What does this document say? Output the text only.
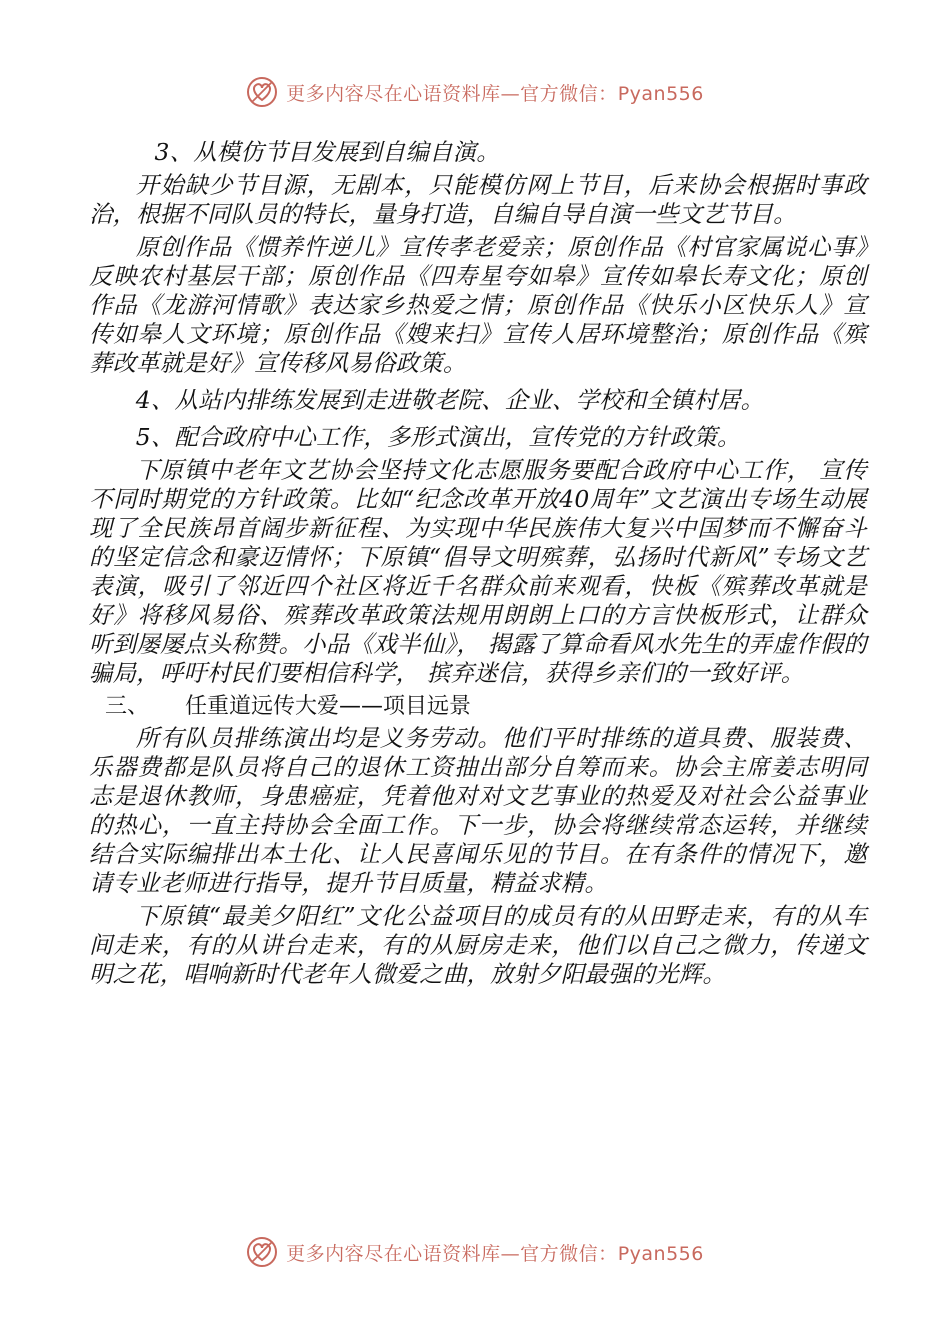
更多内容尽在心语资料库—官方微信：Pyan556

3、从模仿节目发展到自编自演。

开始缺少节目源，无剧本，只能模仿网上节目，后来协会根据时事政治，根据不同队员的特长，量身打造，自编自导自演一些文艺节目。

原创作品《惯养忤逆儿》宣传孝老爱亲；原创作品《村官家属说心事》反映农村基层干部；原创作品《四寿星夸如皋》宣传如皋长寿文化；原创作品《龙游河情歌》表达家乡热爱之情；原创作品《快乐小区快乐人》宣传如皋人文环境；原创作品《嫂来扫》宣传人居环境整治；原创作品《殡葬改革就是好》宣传移风易俗政策。

4、从站内排练发展到走进敬老院、企业、学校和全镇村居。

5、配合政府中心工作，多形式演出，宣传党的方针政策。

下原镇中老年文艺协会坚持文化志愿服务要配合政府中心工作， 宣传不同时期党的方针政策。比如“纪念改革开放40周年”文艺演出专场生动展现了全民族昂首阔步新征程、为实现中华民族伟大复兴中国梦而不懈奋斗的坚定信念和豪迈情怀；下原镇“倡导文明殡葬，弘扬时代新风”专场文艺表演，吸引了邻近四个社区将近千名群众前来观看，快板《殡葬改革就是好》将移风易俗、殡葬改革政策法规用朗朗上口的方言快板形式，让群众听到屡屡点头称赞。小品《戏半仙》， 揭露了算命看风水先生的弄虚作假的骗局，呼吁村民们要相信科学， 摈弃迷信，获得乡亲们的一致好评。

三、	任重道远传大爱——项目远景

所有队员排练演出均是义务劳动。他们平时排练的道具费、服装费、乐器费都是队员将自己的退休工资抽出部分自筹而来。协会主席姜志明同志是退休教师，身患癌症，凭着他对对文艺事业的热爱及对社会公益事业的热心，一直主持协会全面工作。下一步，协会将继续常态运转，并继续结合实际编排出本土化、让人民喜闻乐见的节目。在有条件的情况下，邀请专业老师进行指导，提升节目质量，精益求精。

下原镇“最美夕阳红”文化公益项目的成员有的从田野走来，有的从车间走来，有的从讲台走来，有的从厨房走来，他们以自己之微力，传递文明之花，唱响新时代老年人微爱之曲，放射夕阳最强的光辉。

更多内容尽在心语资料库—官方微信：Pyan556
